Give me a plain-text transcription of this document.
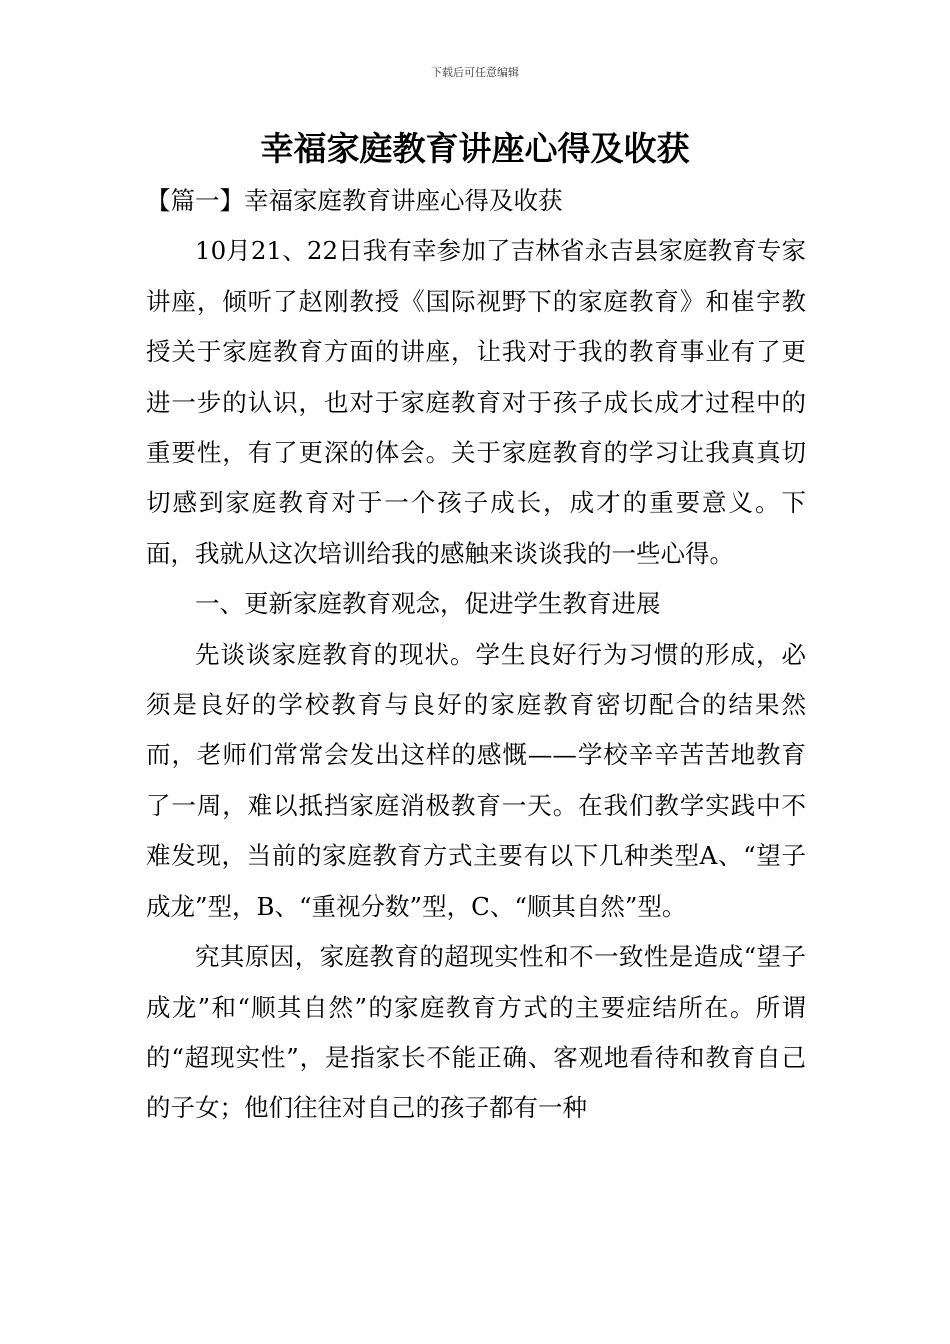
下载后可任意编辑
幸福家庭教育讲座心得及收获

【篇一】幸福家庭教育讲座心得及收获

10月21、22日我有幸参加了吉林省永吉县家庭教育专家讲座，倾听了赵刚教授《国际视野下的家庭教育》和崔宇教授关于家庭教育方面的讲座，让我对于我的教育事业有了更进一步的认识，也对于家庭教育对于孩子成长成才过程中的重要性，有了更深的体会。关于家庭教育的学习让我真真切切感到家庭教育对于一个孩子成长，成才的重要意义。下面，我就从这次培训给我的感触来谈谈我的一些心得。

一、更新家庭教育观念，促进学生教育进展

先谈谈家庭教育的现状。学生良好行为习惯的形成，必须是良好的学校教育与良好的家庭教育密切配合的结果然而，老师们常常会发出这样的感慨——学校辛辛苦苦地教育了一周，难以抵挡家庭消极教育一天。在我们教学实践中不难发现，当前的家庭教育方式主要有以下几种类型A、“望子成龙”型，B、“重视分数”型，C、“顺其自然”型。

究其原因，家庭教育的超现实性和不一致性是造成“望子成龙”和“顺其自然”的家庭教育方式的主要症结所在。所谓的“超现实性”，是指家长不能正确、客观地看待和教育自己的子女；他们往往对自己的孩子都有一种
